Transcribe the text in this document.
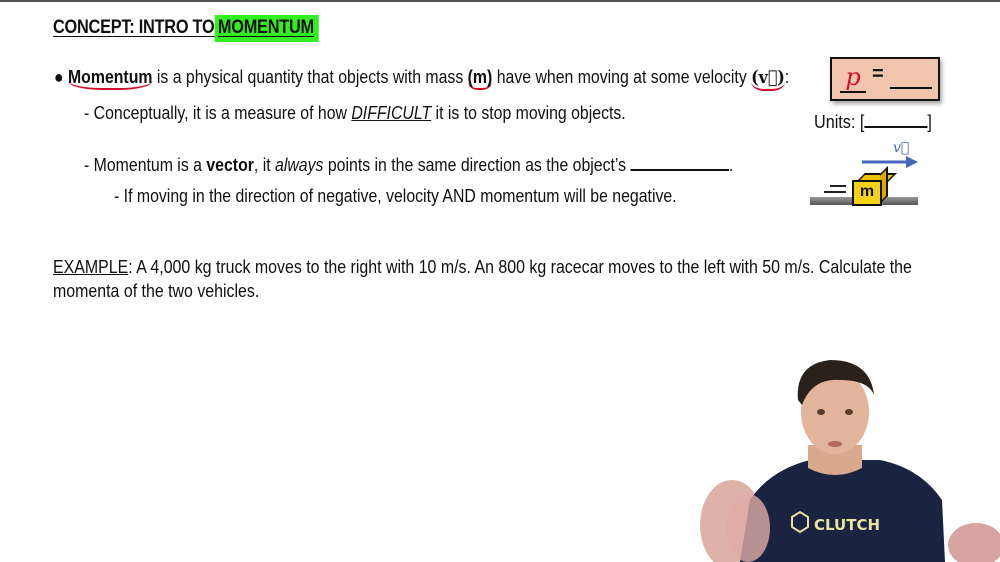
CONCEPT: INTRO TO MOMENTUM
● Momentum is a physical quantity that objects with mass (m) have when moving at some velocity (v⃗):
- Conceptually, it is a measure of how DIFFICULT it is to stop moving objects.
- Momentum is a vector, it always points in the same direction as the object’s	.
- If moving in the direction of negative, velocity AND momentum will be negative.
p =
Units: [	]
v⃗
m
EXAMPLE: A 4,000 kg truck moves to the right with 10 m/s. An 800 kg racecar moves to the left with 50 m/s. Calculate the
momenta of the two vehicles.
CLUTCH
